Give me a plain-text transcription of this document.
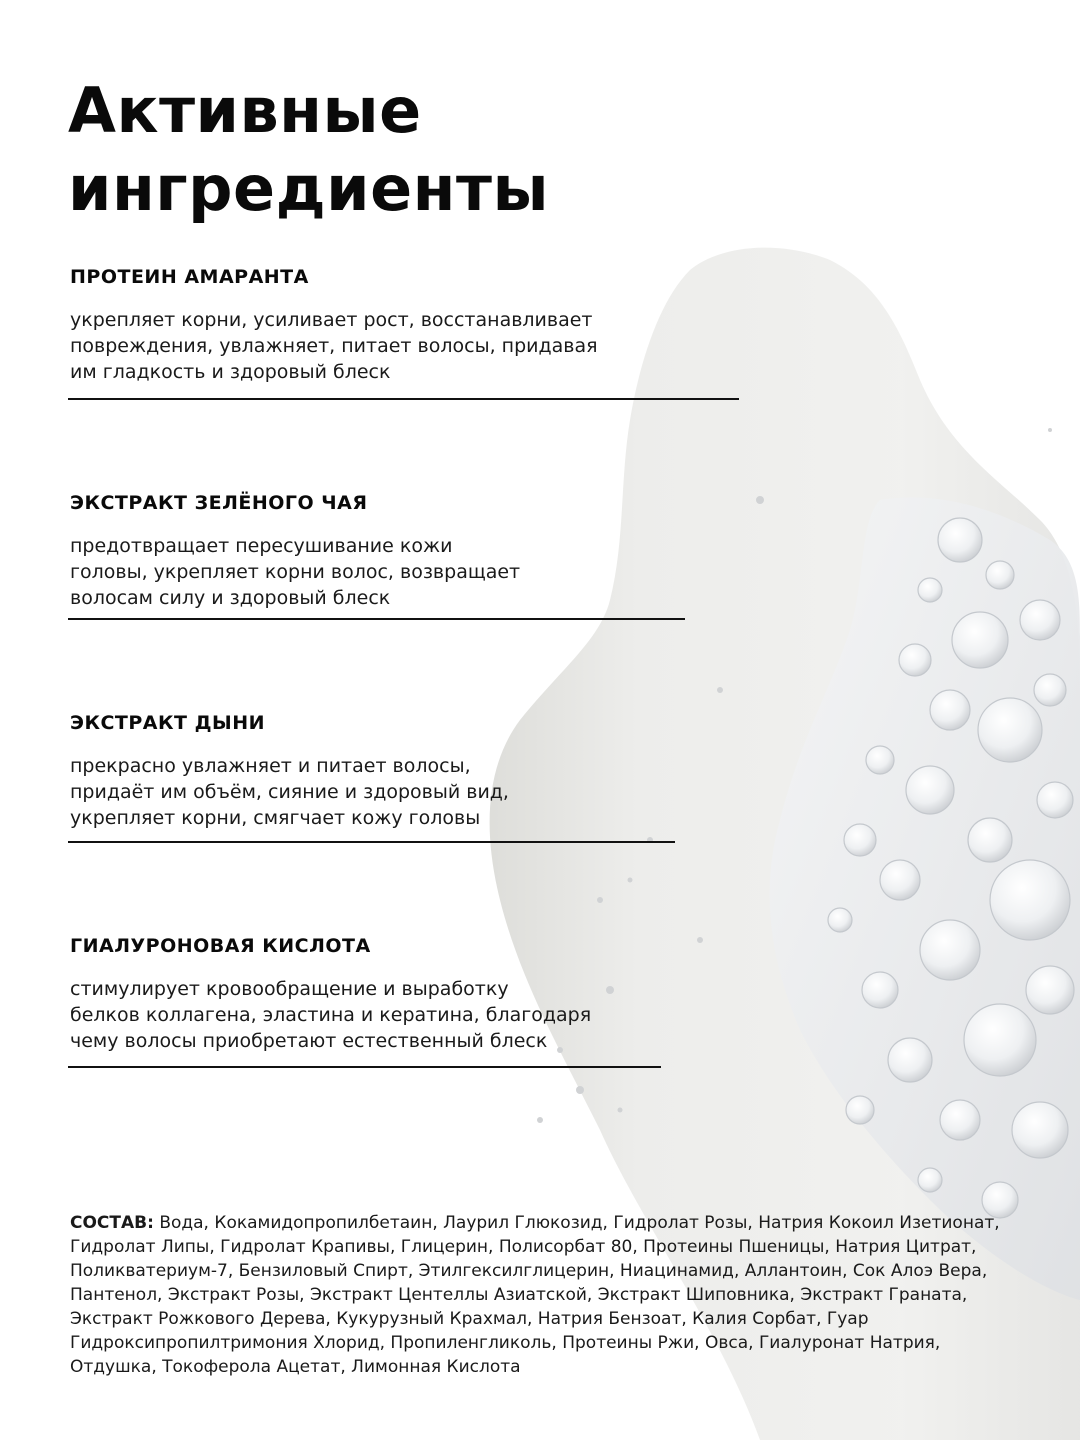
Активные
ингредиенты
ПРОТЕИН АМАРАНТА
укрепляет корни, усиливает рост, восстанавливает
повреждения, увлажняет, питает волосы, придавая
им гладкость и здоровый блеск
ЭКСТРАКТ ЗЕЛЁНОГО ЧАЯ
предотвращает пересушивание кожи
головы, укрепляет корни волос, возвращает
волосам силу и здоровый блеск
ЭКСТРАКТ ДЫНИ
прекрасно увлажняет и питает волосы,
придаёт им объём, сияние и здоровый вид,
укрепляет корни, смягчает кожу головы
ГИАЛУРОНОВАЯ КИСЛОТА
стимулирует кровообращение и выработку
белков коллагена, эластина и кератина, благодаря
чему волосы приобретают естественный блеск
СОСТАВ: Вода, Кокамидопропилбетаин, Лаурил Глюкозид, Гидролат Розы, Натрия Кокоил Изетионат, Гидролат Липы, Гидролат Крапивы, Глицерин, Полисорбат 80, Протеины Пшеницы, Натрия Цитрат, Поликватериум-7, Бензиловый Спирт, Этилгексилглицерин, Ниацинамид, Аллантоин, Сок Алоэ Вера, Пантенол, Экстракт Розы, Экстракт Центеллы Азиатской, Экстракт Шиповника, Экстракт Граната, Экстракт Рожкового Дерева, Кукурузный Крахмал, Натрия Бензоат, Калия Сорбат, Гуар Гидроксипропилтримония Хлорид, Пропиленгликоль, Протеины Ржи, Овса, Гиалуронат Натрия, Отдушка, Токоферола Ацетат, Лимонная Кислота
